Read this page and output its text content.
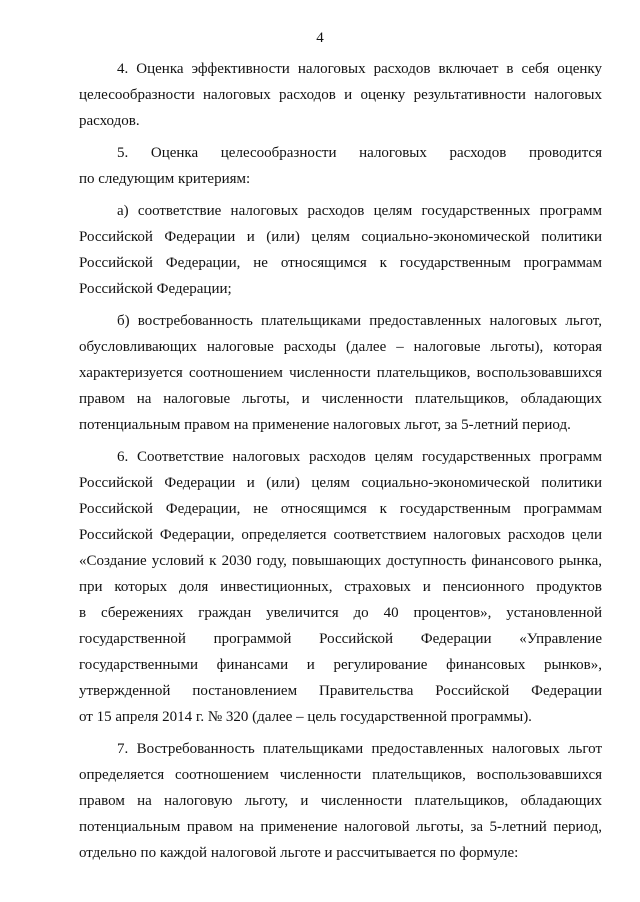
4
4. Оценка эффективности налоговых расходов включает в себя оценку
целесообразности налоговых расходов и оценку результативности налоговых
расходов.
5. Оценка целесообразности налоговых расходов проводится
по следующим критериям:
а) соответствие налоговых расходов целям государственных программ
Российской Федерации и (или) целям социально-экономической политики
Российской Федерации, не относящимся к государственным программам
Российской Федерации;
б) востребованность плательщиками предоставленных налоговых льгот,
обусловливающих налоговые расходы (далее – налоговые льготы), которая
характеризуется соотношением численности плательщиков, воспользовавшихся
правом на налоговые льготы, и численности плательщиков, обладающих
потенциальным правом на применение налоговых льгот, за 5-летний период.
6. Соответствие налоговых расходов целям государственных программ
Российской Федерации и (или) целям социально-экономической политики
Российской Федерации, не относящимся к государственным программам
Российской Федерации, определяется соответствием налоговых расходов цели
«Создание условий к 2030 году, повышающих доступность финансового рынка,
при которых доля инвестиционных, страховых и пенсионного продуктов
в сбережениях граждан увеличится до 40 процентов», установленной
государственной программой Российской Федерации «Управление
государственными финансами и регулирование финансовых рынков»,
утвержденной постановлением Правительства Российской Федерации
от 15 апреля 2014 г. № 320 (далее – цель государственной программы).
7. Востребованность плательщиками предоставленных налоговых льгот
определяется соотношением численности плательщиков, воспользовавшихся
правом на налоговую льготу, и численности плательщиков, обладающих
потенциальным правом на применение налоговой льготы, за 5-летний период,
отдельно по каждой налоговой льготе и рассчитывается по формуле:
